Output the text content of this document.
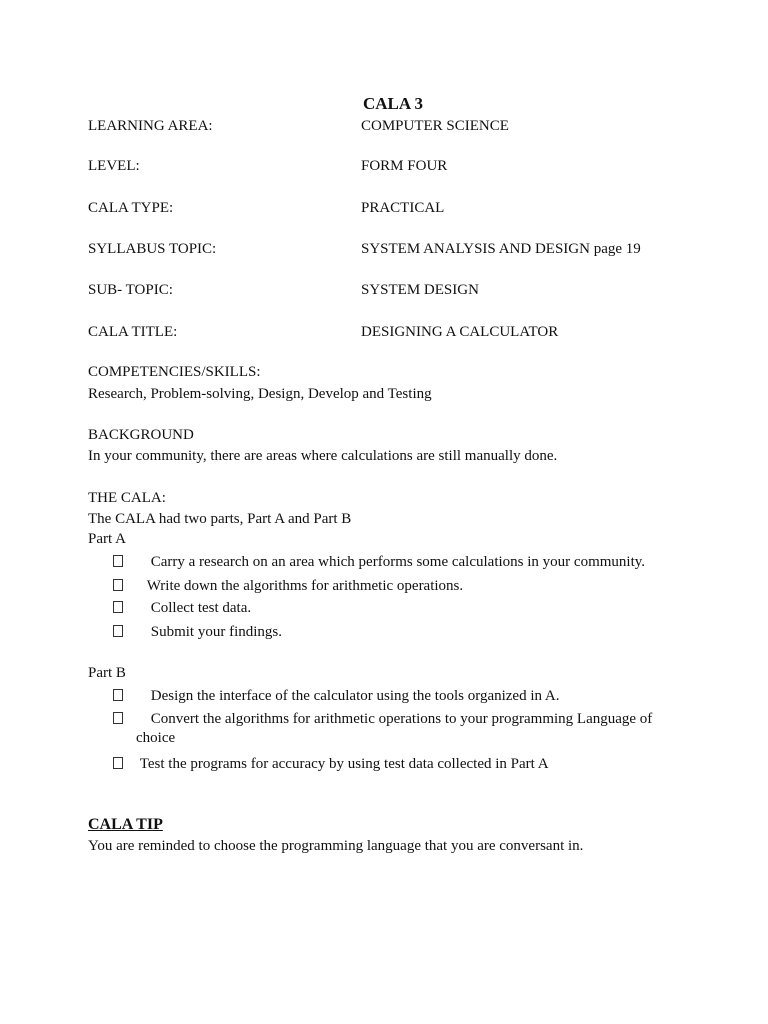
CALA 3
LEARNING AREA:	COMPUTER SCIENCE
LEVEL:	FORM FOUR
CALA TYPE:	PRACTICAL
SYLLABUS TOPIC:	SYSTEM ANALYSIS AND DESIGN page 19
SUB- TOPIC:	SYSTEM DESIGN
CALA TITLE:	DESIGNING A CALCULATOR
COMPETENCIES/SKILLS:
Research, Problem-solving, Design, Develop and Testing
BACKGROUND
In your community, there are areas where calculations are still manually done.
THE CALA:
The CALA had two parts, Part A and Part B
Part A
Carry a research on an area which performs some calculations in your community.
Write down the algorithms for arithmetic operations.
Collect test data.
Submit your findings.
Part B
Design the interface of the calculator using the tools organized in A.
Convert the algorithms for arithmetic operations to your programming Language of
choice
Test the programs for accuracy by using test data collected in Part A
CALA TIP
You are reminded to choose the programming language that you are conversant in.
